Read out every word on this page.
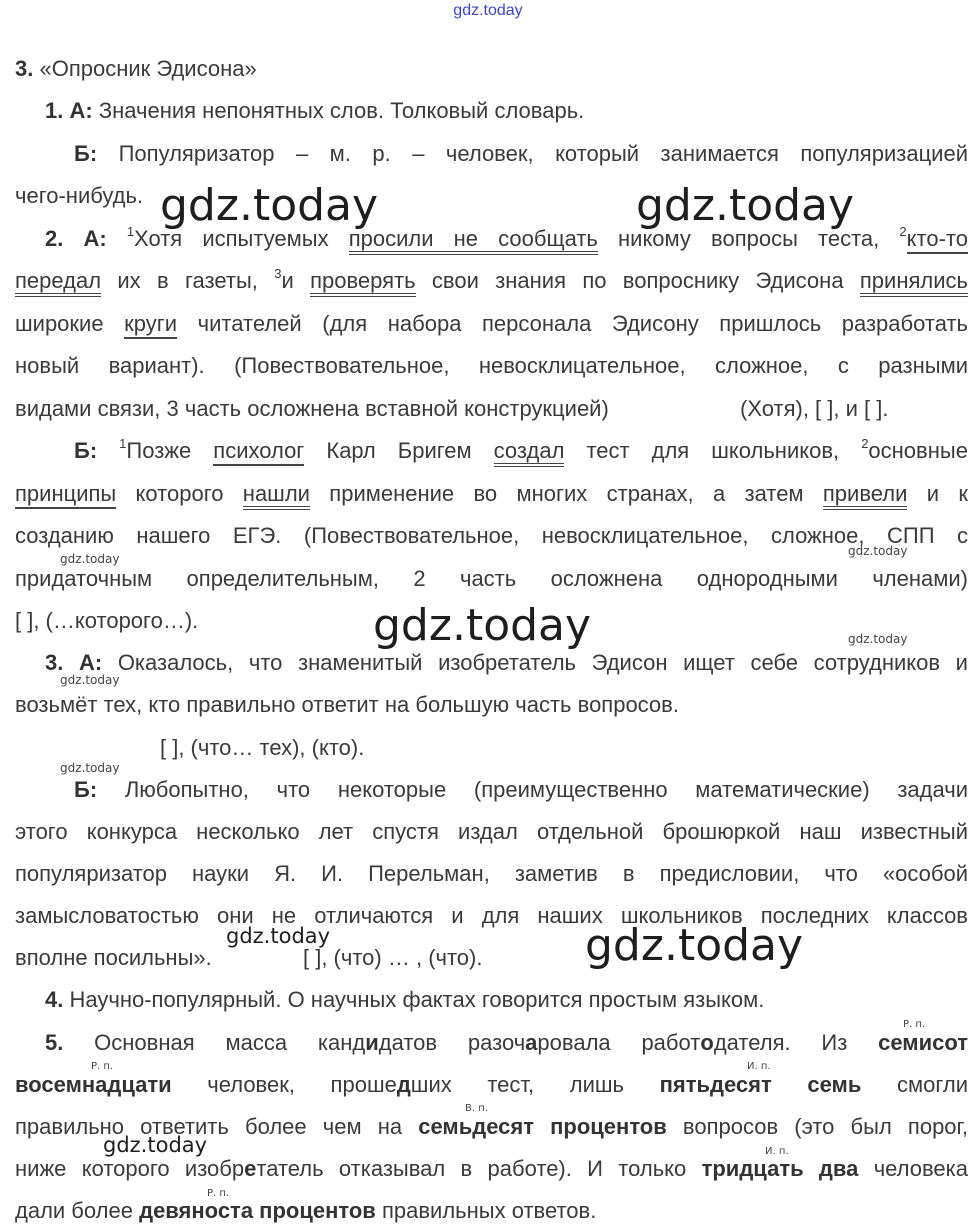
gdz.today
3. «Опросник Эдисона»
1. А: Значения непонятных слов. Толковый словарь.
Б: Популяризатор – м. р. – человек, который занимается популяризацией
чего-нибудь.
2. А: $^1$Хотя испытуемых просили не сообщать никому вопросы теста, $^2$кто-то
передал их в газеты, $^3$и проверять свои знания по вопроснику Эдисона принялись
широкие круги читателей (для набора персонала Эдисону пришлось разработать
новый вариант). (Повествовательное, невосклицательное, сложное, с разными
видами связи, 3 часть осложнена вставной конструкцией)	(Хотя), [ ], и [ ].
Б: $^1$Позже психолог Карл Бригем создал тест для школьников, $^2$основные
принципы которого нашли применение во многих странах, а затем привели и к
созданию нашего ЕГЭ. (Повествовательное, невосклицательное, сложное, СПП с
придаточным определительным, 2 часть осложнена однородными членами)
[ ], (…которого…).
3. А: Оказалось, что знаменитый изобретатель Эдисон ищет себе сотрудников и
возьмёт тех, кто правильно ответит на большую часть вопросов.
[ ], (что… тех), (кто).
Б: Любопытно, что некоторые (преимущественно математические) задачи
этого конкурса несколько лет спустя издал отдельной брошюркой наш известный
популяризатор науки Я. И. Перельман, заметив в предисловии, что «особой
замысловатостью они не отличаются и для наших школьников последних классов
вполне посильны».	[ ], (что) … , (что).
4. Научно-популярный. О научных фактах говорится простым языком.
5. Основная масса кандидатов разочаровала работодателя. Из семисот
восемнадцати человек, прошедших тест, лишь пятьдесят семь смогли
правильно ответить более чем на семьдесят процентов вопросов (это был порог,
ниже которого изобретатель отказывал в работе). И только тридцать два человека
дали более девяноста процентов правильных ответов.
Р. п.
Р. п.	И. п.
В. п.
И. п.
Р. п.
gdz.today	gdz.today
gdz.today
gdz.today
gdz.today
gdz.today
gdz.today
gdz.today
gdz.today
gdz.today
gdz.today
